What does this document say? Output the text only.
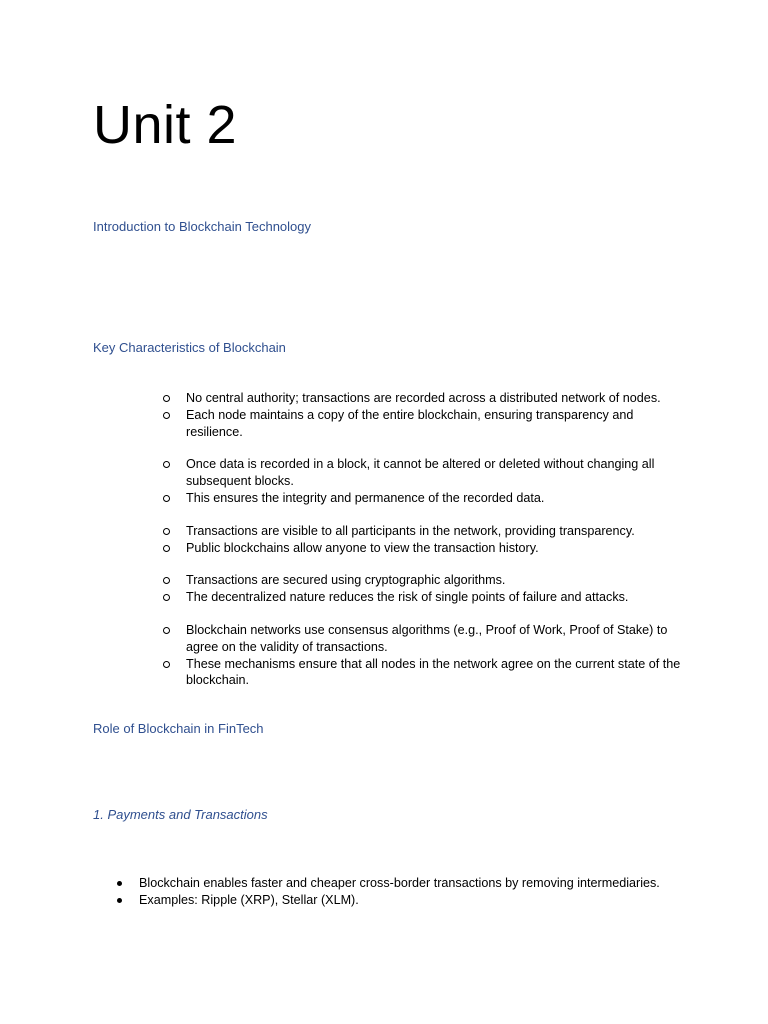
Unit 2
Introduction to Blockchain Technology
Key Characteristics of Blockchain
No central authority; transactions are recorded across a distributed network of nodes.
Each node maintains a copy of the entire blockchain, ensuring transparency and resilience.
Once data is recorded in a block, it cannot be altered or deleted without changing all subsequent blocks.
This ensures the integrity and permanence of the recorded data.
Transactions are visible to all participants in the network, providing transparency.
Public blockchains allow anyone to view the transaction history.
Transactions are secured using cryptographic algorithms.
The decentralized nature reduces the risk of single points of failure and attacks.
Blockchain networks use consensus algorithms (e.g., Proof of Work, Proof of Stake) to agree on the validity of transactions.
These mechanisms ensure that all nodes in the network agree on the current state of the blockchain.
Role of Blockchain in FinTech
1. Payments and Transactions
Blockchain enables faster and cheaper cross-border transactions by removing intermediaries.
Examples: Ripple (XRP), Stellar (XLM).
